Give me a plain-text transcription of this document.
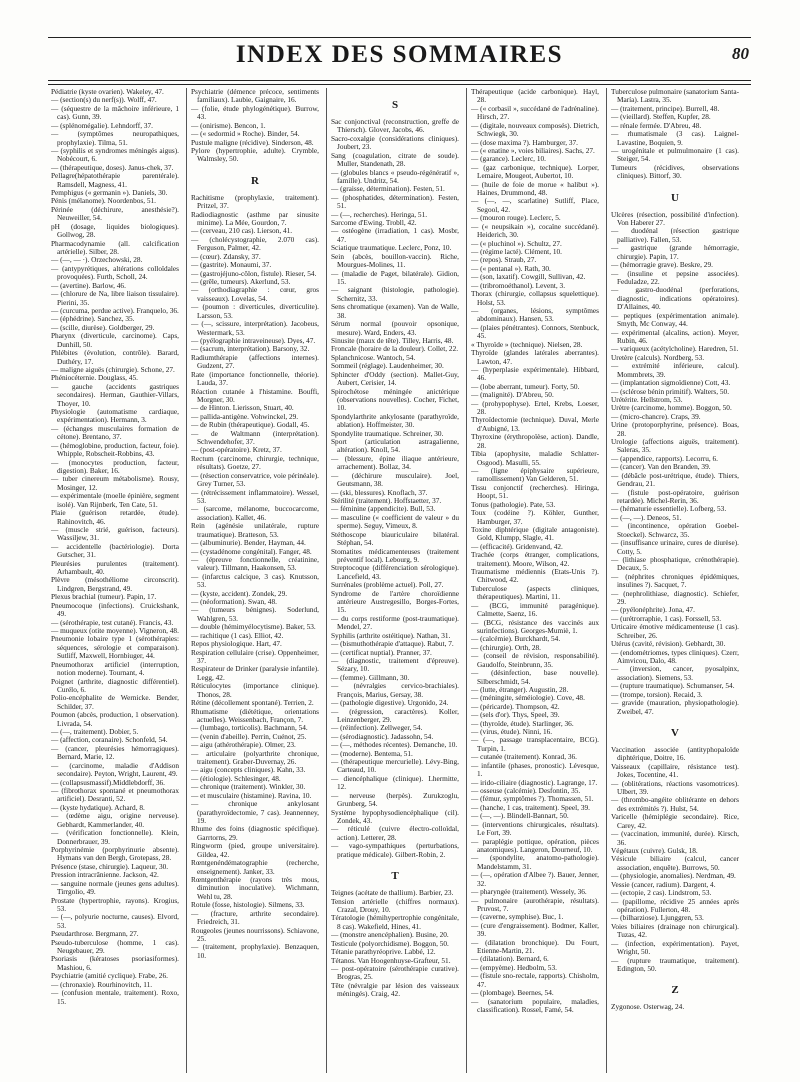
INDEX DES SOMMAIRES	80

Pédiatrie (kyste ovarien). Wakeley, 47.

— (section(s) du nerf(s)). Wolff, 47.

— (séquestre de la mâchoire inférieure, 1 cas). Gunn, 39.

— (splénomégalie). Lehndorff, 37.

— (symptômes neuropathiques, prophylaxie). Tilma, 51.

— (syphilis et syndromes méningés aigus). Nobécourt, 6.

— (thérapeutique, doses). Janus-chek, 37.

Pellagre(hépatothérapie parentérale). Ramsdell, Magness, 41.

Pemphigus (« germanin »). Daniels, 30.

Pénis (mélanome). Noordenbos, 51.

Périnée (déchirure, anesthésie?). Neuweiller, 54.

pH (dosage, liquides biologiques). Gollwog, 28.

Pharmacodynamie (all. calcification artérielle). Silber, 28.

— (—, — ·). Orzechowski, 28.

— (antypyrétiques, altérations colloïdales provoquées). Furth, Scholl, 24.

— (avertine). Barlow, 46.

— (chlorure de Na, libre liaison tissulaire). Pierini, 35.

— (curcuma, perdue active). Franquelo, 36.

— (éphédrine). Sanchez, 35.

— (scille, diurèse). Goldberger, 29.

Pharynx (diverticule, carcinome). Caps, Dunhill, 50.

Phlébites (évolution, contrôle). Barard, Duthéry, 17.

— maligne aiguës (chirurgie). Schone, 27.

Phéniocéternie. Douglass, 45.

— gauche (accidents gastriques secondaires). Herman, Gauthier-Villars, Thoyer, 10.

Physiologie (automatisme cardiaque, expérimentation). Hermann, 3.

— (échanges musculaires formation de cétone). Brentano, 37.

— (hémoglobine, production, facteur, foie). Whipple, Robscheit-Robbins, 43.

— (monocytes production, facteur, digestion). Baker, 16.

— tuber cinereum métabolisme). Rousy, Mosinger, 12.

— expérimentale (moelle épinière, segment isolé). Van Rijnberk, Ten Cate, 51.

Plaie (guérison retardée, étude). Rahinovitch, 46.

— (muscle strié, guérison, facteurs). Wassiljew, 31.

— accidentelle (bactériologie). Dorta Gutscher, 31.

Pleurésies purulentes (traitement). Arhambault, 40.

Plèvre (mésothéliome circonscrit). Lindgren, Bergstrand, 49.

Plexus brachial (tumeur). Papin, 17.

Pneumocoque (infections). Cruickshank, 49.

— (sérothérapie, test cutané). Francis, 43.

— muqueux (otite moyenne). Vigneron, 48.

Pneumonie lobaire type 1 (sérothérapies: séquences, sérologie et comparaison). Sutliff, Maxwell, Hornbiuger, 44.

Pneumothorax artificiel (interruption, notion moderne). Tournant, 4.

Poignet (arthrite, diagnostic différentiel). Curélo, 6.

Polio-encéphalite de Wernicke. Bender, Schilder, 37.

Poumon (abcès, production, 1 observation). Livrada, 54.

— (—, traitement). Dobier, 5.

— (affection, coranaire). Schonfeld, 54.

— (cancer, pleurésies hémorragiques). Bernard, Marie, 12.

— (carcinome, maladie d'Addison secondaire). Peyton, Wright, Laurent, 49.

— (collapsusmassif).Middlebdorff, 36.

— (fibrothorax spontané et pneumothorax artificiel). Desranti, 52.

— (kyste hydatique). Achard, 8.

— (œdème aigu, origine nerveuse). Gebhardt, Kammerlander, 40.

— (vérification fonctionnelle). Klein, Donnerbrauer, 39.

Porphyrinémie (porphyrinurie absente). Hymans van den Bergh, Grotepass, 28.

Présence (stase, chirurgie). Laqueur, 30.

Pression intracrânienne. Jackson, 42.

— sanguine normale (jeunes gens adultes). Tirrgolio, 49.

Prostate (hypertrophie, rayons). Krogius, 53.

— (—, polyurie nocturne, causes). Elvord, 53.

Pseudarthrose. Bergmann, 27.

Pseudo-tuberculose (homme, 1 cas). Neugebauer, 29.

Psoriasis (kératoses psoriasiformes). Mashiou, 6.

Psychiatrie (amitié cyclique). Frabe, 26.

— (chronaxie). Rourhinovitch, 11.

— (confusion mentale, traitement). Roxo, 15.

Psychiatrie (démence précoce, sentiments familiaux). Laubie, Gaignaire, 16.

— (folie, étude phylogénétique). Burrow, 43.

— (onirisme). Bencon, 1.

— (« sedormid » Roche). Binder, 54.

Pustule maligne (récidive). Sinderson, 48.

Pylore (hypertrophie, adulte). Crymble, Walmsley, 50.

R

Rachitisme (prophylaxie, traitement). Pritzel, 37.

Radiodiagnostic (asthme par sinusite minime). La Mée, Gourdon, 7.

— (cerveau, 210 cas). Lierson, 41.

— (cholécystographie, 2.070 cas). Ferguson, Palmer, 42.

— (cœur). Zdansky, 37.

— (gastrite). Monaumi, 37.

— (gastrojéjuno-côlon, fistule). Rieser, 54.

— (grêle, tumeurs). Akerlund, 53.

— (orthodiagraphie : cœur, gros vaisseaux). Lovelas, 54.

— (poumon : diverticules, diverticulite). Larsson, 53.

— (—, scissure, interprétation). Jacobeus, Westermark, 53.

— (pyélographie intraveineuse). Dyes, 47.

— (sacrum, interprétation). Barsony, 32.

Radiumthérapie (affections internes). Gudzent, 27.

Rate (importance fonctionnelle, théorie). Lauda, 37.

Réaction cutanée à l'histamine. Bouffi, Morgner, 30.

— de Hinton. Lierisson, Stuart, 40.

— pallida-antigène. Vohwinckel, 29.

— de Rubin (thérapeutique). Godall, 45.

— de Waltmann (interprétation). Schwendehofer, 37.

— (post-opératoire). Kretz, 37.

Rectum (carcinome, chirurgie, technique, résultats). Goetze, 27.

— (résection conservatrice, voie périnéale). Grey Turner, 53.

— (rétrécissement inflammatoire). Wessel, 53.

— (sarcome, mélanome, buccocarcome, association). Kallet, 46.

Rein (agénésie unilatérale, rupture traumatique). Bratteson, 53.

— (albuminurie). Bender, Hayman, 44.

— (cystadénome congénital). Fanger, 48.

— (épreuve fonctionnelle, créatinine, valeur). Tillmann, Haakonsen, 53.

— (infarctus calcique, 3 cas). Knutsson, 53.

— (kyste, accident). Zondek, 29.

— (néoformation). Swan, 48.

— (tumeurs bénignes). Soderlund, Wahlgren, 53.

— double (hémimyélocytisme). Baker, 53.

— rachitique (1 cas). Elliot, 42.

Repos physiologique. Hart, 47.

Respiration cellulaire (crise). Oppenheimer, 37.

Respirateur de Drinker (paralysie infantile). Legg, 42.

Réticulocytes (importance clinique). Thonos, 28.

Rétine (décollement spontané). Terrien, 2.

Rhumatisme (diététique, orientations actuelles). Weissenbach, Françon, 7.

— (lumbago, torticolis). Bachmann, 54.

— (venin d'abeille). Perrin, Cuénot, 25.

— aigu (athérothérapie). Olmer, 23.

— articulaire (polyarthrite chronique, traitement). Graber-Duvernay, 26.

— aigu (concepts cliniques). Kahn, 33.

— (étiologie). Schlesinger, 48.

— chronique (traitement). Winkler, 30.

— et musculaire (histamine). Ravina, 10.

— chronique ankylosant (parathyroïdectomie, 7 cas). Jeannenney, 19.

Rhume des foins (diagnostic spécifique). Garrtorns, 29.

Ringworm (pied, groupe universitaire). Gildea, 42.

Rœntgenéndématographie (recherche, enseignement). Janker, 33.

Rœntgenthérapie (rayons très mous, diminution inoculative). Wichmann, Wehl tu, 28.

Rotule (fosse, histologie). Silmens, 33.

— (fracture, arthrite secondaire). Friedreich, 31.

Rougeoles (jeunes nourrissons). Schiavone, 25.

— (traitement, prophylaxie). Benzaquen, 10.

S

Sac conjonctival (reconstruction, greffe de Thiersch). Glover, Jacobs, 46.

Sacro-coxalgie (considérations cliniques). Joubert, 23.

Sang (coagulation, citrate de soude). Muller, Standenath, 28.

— (globules blancs « pseudo-régénératif », famille). Undritz, 54.

— (graisse, détermination). Festen, 51.

— (phosphatides, détermination). Festen, 51.

— (—, recherches). Heringa, 51.

Sarcome d'Ewing. Trobll, 42.

— ostéogène (irradiation, 1 cas). Mosbr, 47.

Sciatique traumatique. Leclerc, Ponz, 10.

Sein (abcès, bouillon-vaccin). Riche, Mourgues-Molines, 11.

— (maladie de Paget, bilatérale). Gidion, 15.

— saignant (histologie, pathologie). Schernitz, 33.

Sens chromatique (examen). Van de Walle, 38.

Sérum normal (pouvoir opsonique, mesure). Ward, Enders, 43.

Sinusite (maux de tête). Tilley, Harris, 48.

Froncale (horaire de la douleur). Collet, 22.

Splanchnicose. Wantoch, 54.

Sommeil (réglage). Laudenheimer, 30.

Sphincter d'Oddy (section). Mallet-Guy, Aubert, Cerisier, 14.

Spirochétose méningée anictérique (observations nouvelles). Cocher, Fichet, 10.

Spondylarthrite ankylosante (parathyroïde, ablation). Hoffmeister, 30.

Spondylite traumatique. Schreiner, 30.

Sport (articulation astragalienne, altération). Knoll, 54.

— (blessure, épine iliaque antérieure, arrachement). Bollaz, 34.

— (déchirure musculaire). Joel, Geutsmann, 38.

— (ski, blessures). Knoflach, 37.

Stérilité (traitement). Hoffstaetter, 37.

— féminine (appendicite). Bull, 53.

— masculine (« coefficient de valeur » du sperme). Seguy, Vimeux, 8.

Stéthoscope biauriculaire bilatéral. Stéphan, 54.

Stomatites médicamenteuses (traitement préventif local). Lebourg, 9.

Streptocoque (différenciation sérologique). Lancefield, 43.

Surrénales (problème actuel). Poll, 27.

Syndrome de l'artère choroïdienne antérieure Austregesillo, Borges-Fortes, 15.

— du corps restiforme (post-traumatique). Mendel, 27.

Syphilis (arthrite ostéitique). Nathan, 31.

— (bismuthothérapie d'attaque). Rabut, 7.

— (certificat nuptial). Pranner, 37.

— (diagnostic, traitement d'épreuve). Sézary, 10.

— (femme). Gillmann, 30.

— (névralgies cervico-brachiales). François, Marius, Gersay, 38.

— (pathologie digestive). Urgonido, 24.

— (régression, caractères). Koller, Leinzenberger, 29.

— (réinfection). Zellweger, 54.

— (sérodiagnostic). Jadassohn, 54.

— (—, méthodes récentes). Demanche, 10.

— (moderne). Bentema, 51.

— (thérapeutique mercurielle). Lévy-Bing, Carteaud, 10.

— diencéphalique (clinique). Lhermitte, 12.

— nerveuse (herpès). Zurukzoglu, Grunberg, 54.

Système hypophysodiencéphalique (cil). Zondek, 43.

— réticulé (cuivre électro-colloïdal, action). Letterer, 28.

— vago-sympathiques (perturbations, pratique médicale). Gilbert-Robin, 2.

T

Teignes (acétate de thallium). Barbier, 23.

Tension artérielle (chiffres normaux). Crazal, Drouy, 10.

Tératologie (hémihypertrophie congénitale, 8 cas). Wakefield, Hines, 41.

— (monstre anencéphalien). Busine, 20.

Testicule (polyorchidisme). Boggon, 50.

Tétanie parathyréoprive. Labbé, 12.

Tétanos. Van Hoogenhuyse-Grafteur, 51.

— post-opératoire (sérothérapie curative). Brogras, 25.

Tête (névralgie par lésion des vaisseaux méningés). Craig, 42.

Thérapeutique (acide carbonique). Hayl, 28.

— (« corbasil », succédané de l'adrénaline). Hirsch, 27.

— (digitale, nouveaux composés). Dietrich, Schwiegk, 30.

— (dose maxima ?). Hamburger, 37.

— (« enatine », voies biliaires). Sachs, 27.

— (garance). Leclerc, 10.

— (gaz carbonique, technique). Lorper, Lemaire, Mougeot, Aubertot, 10.

— (huile de foie de morue « halibut »). Haines, Drummond, 48.

— (—, —, scarlatine) Sutliff, Place, Segool, 42.

— (mouron rouge). Leclerc, 5.

— (« neupsikain »), cocaïne succédané). Heiderich, 30.

— (« pluchinol »). Schultz, 27.

— (régime lacté). Clément, 10.

— (repos). Straub, 27.

— (« pentanal »). Rath, 30.

— (son, laxatif). Cowgill, Sullivan, 42.

— (tribromoéthanol). Levent, 3.

Thorax (chirurgie, collapsus squelettique). Holst, 53.

— (organes, lésions, symptômes abdominaux). Hansen, 53.

— (plaies pénétrantes). Connors, Stenbuck, 45.

« Thyroïde » (technique). Nielsen, 28.

Thyroïde (glandes latérales aberrantes). Lawton, 47.

— (hyperplasie expérimentale). Hibbard, 46.

— (lobe aberrant, tumeur). Forty, 50.

— (malignité). D'Abreu, 50.

— (prohypophyse). Ertel, Krebs, Loeser, 28.

Thyroïdectomie (technique). Duval, Merle d'Aubigné, 13.

Thyroxine (érythropoïèse, action). Dandle, 28.

Tibia (apophysite, maladie Schlatter-Osgood). Masulli, 55.

— (ligne épiphysaire supérieure, ramollissement) Van Gelderen, 51.

Tissu conjonctif (recherches). Hiringa, Hoopt, 51.

Tonus (pathologie). Pate, 53.

Toux (codéine ?). Köhler, Gunther, Hamburger, 37.

Toxine diphtérique (digitale antagoniste). Gold, Klumpp, Slagle, 41.

— (efficacité). Gridenvand, 42.

Trachée (corps étranger, complications, traitement). Moore, Wilson, 42.

Traumatisme médiennis (Etats-Unis ?). Chitwood, 42.

Tuberculose (aspects cliniques, thérapeutiques). Martini, 11.

— (BCG, immunité paragénique). Calmette, Saenz, 16.

— (BCG, résistance des vaccinés aux surinfections). Georges-Mumiè, 1.

— (calcémie). Burckhardt, 54.

— (chirurgie). Orth, 28.

— (conseil de révision, responsabilité). Gaudolfo, Steinbrunn, 35.

— (désinfection, base nouvelle). Silberschmidt, 54.

— (lutte, étranger). Augustin, 28.

— (méningite, séméiologie). Cove, 48.

— (péricarde). Thompson, 42.

— (sels d'or). Thys, Speel, 39.

— (thyroïde, étude). Starlinger, 36.

— (virus, étude). Ninni, 16.

— (—, passage transplacentaire, BCG). Turpin, 1.

— cutanée (traitement). Konrad, 36.

— infantile (phases, pronostic). Lévesque, 1.

— irido-ciliaire (diagnostic). Lagrange, 17.

— osseuse (calcémie). Desfontin, 35.

— (fémur, symptômes ?). Thomassen, 51.

— (hanche, 1 cas, traitement). Speel, 39.

— (—, —). Blindell-Bannart, 50.

— (interventions chirurgicales, résultats). Le Fort, 39.

— paraplégie pottique, opération, pièces anatomiques). Langeron, Dourneuf, 10.

— (spondylite, anatomo-pathologie). Mandelstamm, 31.

— (—, opération d'Albee ?). Bauer, Jenner, 32.

— pharyngée (traitement). Wessely, 36.

— pulmonaire (aurothérapie, résultats). Pruvost, 7.

— (caverne, symphise). Buc, 1.

— (cure d'engraissement). Bodmer, Kaller, 39.

— (dilatation bronchique). Du Fourt, Etienne-Martin, 21.

— (dilatation). Bernard, 6.

— (empyème). Hedbolm, 53.

— (fistule sno-rectale, rapports). Chisholm, 47.

— (plombage). Beernes, 54.

— (sanatorium populaire, maladies, classification). Rossel, Famé, 54.

Tuberculose pulmonaire (sanatorium Santa-María). Lastra, 35.

— (traitement, principe). Burrell, 48.

— (vieillard). Steffen, Kupfer, 28.

— rénale fermée. D'Abreu, 48.

— rhumatismale (3 cas). Laignel-Lavastine, Boquien, 9.

— urogénitale et pulmulmonaire (1 cas). Steiger, 54.

Tumeurs (récidives, observations cliniques). Bittorf, 30.

U

Ulcères (résection, possibilité d'infection). Von Haberer 27.

— duodénal (résection gastrique palliative). Fallen, 53.

— gastrique (grande hémorragie, chirurgie). Papin, 17.

— (hémorragie grave). Beskre, 29.

— (insuline et pepsine associées). Feduladze, 22.

— gastro-duodénal (perforations, diagnostic, indications opératoires). D'Allaines, 40.

— peptiques (expérimentation animale). Smyth, Mc Conway, 44.

— expérimental (alcalins, action). Meyer, Rubin, 46.

— variqueux (acétylcholine). Haredren, 51.

Uretère (calculs). Nordberg, 53.

— extrémité inférieure, calcul). Mommbrets, 39.

— (implantation sigmoïdienne) Cott, 43.

— (sclérose bénin primitif). Walters, 50.

Urétérite. Hellstrom, 53.

Urètre (carcinome, homme). Boggon, 50.

— (micro-chancre). Craps, 39.

Urine (protoporphyrine, présence). Boas, 28.

Urologie (affections aiguës, traitement). Saleras, 35.

— (appendice, rapports). Lecorru, 6.

— (cancer). Van den Branden, 39.

— (débâcle post-urétrique, étude). Thiers, Gendrau, 21.

— (fistule post-opératoire, guérison retardée). Michel-Rerin, 36.

— (hématurie essentielle). Lofberg, 53.

— (—, —). Deneos, 51.

— (incontinence, opération Goebel-Stoeckel). Schwarcz, 35.

— (insuffisance urinaire, cures de diurèse). Cotty, 5.

— (lithiase phosphatique, crénothérapie). Decaux, 5.

— (néphrites chroniques épidémiques, insulines ?). Sacquet, 7.

— (nephrolithiase, diagnostic). Schiefer, 29.

— (pyélonéphrite). Jona, 47.

— (urétrorraphie, 1 cas). Forssell, 53.

Urticaire émotive médicamenteuse (1 cas). Schreiber, 26.

Utérus (cavité, révision). Gebhardt, 30.

— (endométriomes, types cliniques). Czerr, Aimvicou, Dalo, 48.

— (inversion, cancer, pyosalpinx, association). Siemens, 53.

— (rupture traumatique). Schumanser, 54.

— (trompe, torsion). Recaid, 3.

— gravide (mauration, physiopathologie). Zweibel, 47.

V

Vaccination associée (antityphopaloïde diphtérique, Doitre, 16.

Vaisseaux (capillaire, résistance test). Jokes, Tocentine, 41.

— (oblitérations, réactions vasomotrices). Ulbert, 39.

— (thrombo-angéite oblitérante en dehors des extrémités ?). Hulst, 54.

Varicelle (hémiplégie secondaire). Rice, Carey, 42.

— (vaccination, immunité, durée). Kirsch, 36.

Végétaux (cuivre). Gulsk, 18.

Vésicule biliaire (calcul, cancer association, enquête). Burrows, 50.

— (physiologie, anomalies). Nerdman, 49.

Vessie (cancer, radium). Dargent, 4.

— (ectopie, 2 cas). Lindstrom, 53.

— (papillome, récidive 25 années après opération). Fullerton, 48.

— (bilharziose). Ljunggren, 53.

Voies biliaires (drainage non chirurgical). Tuzas, 42.

— (infection, expérimentation). Payet, Wright, 50.

— (rupture traumatique, traitement). Edington, 50.

Z

Zygonose. Osterwag, 24.
